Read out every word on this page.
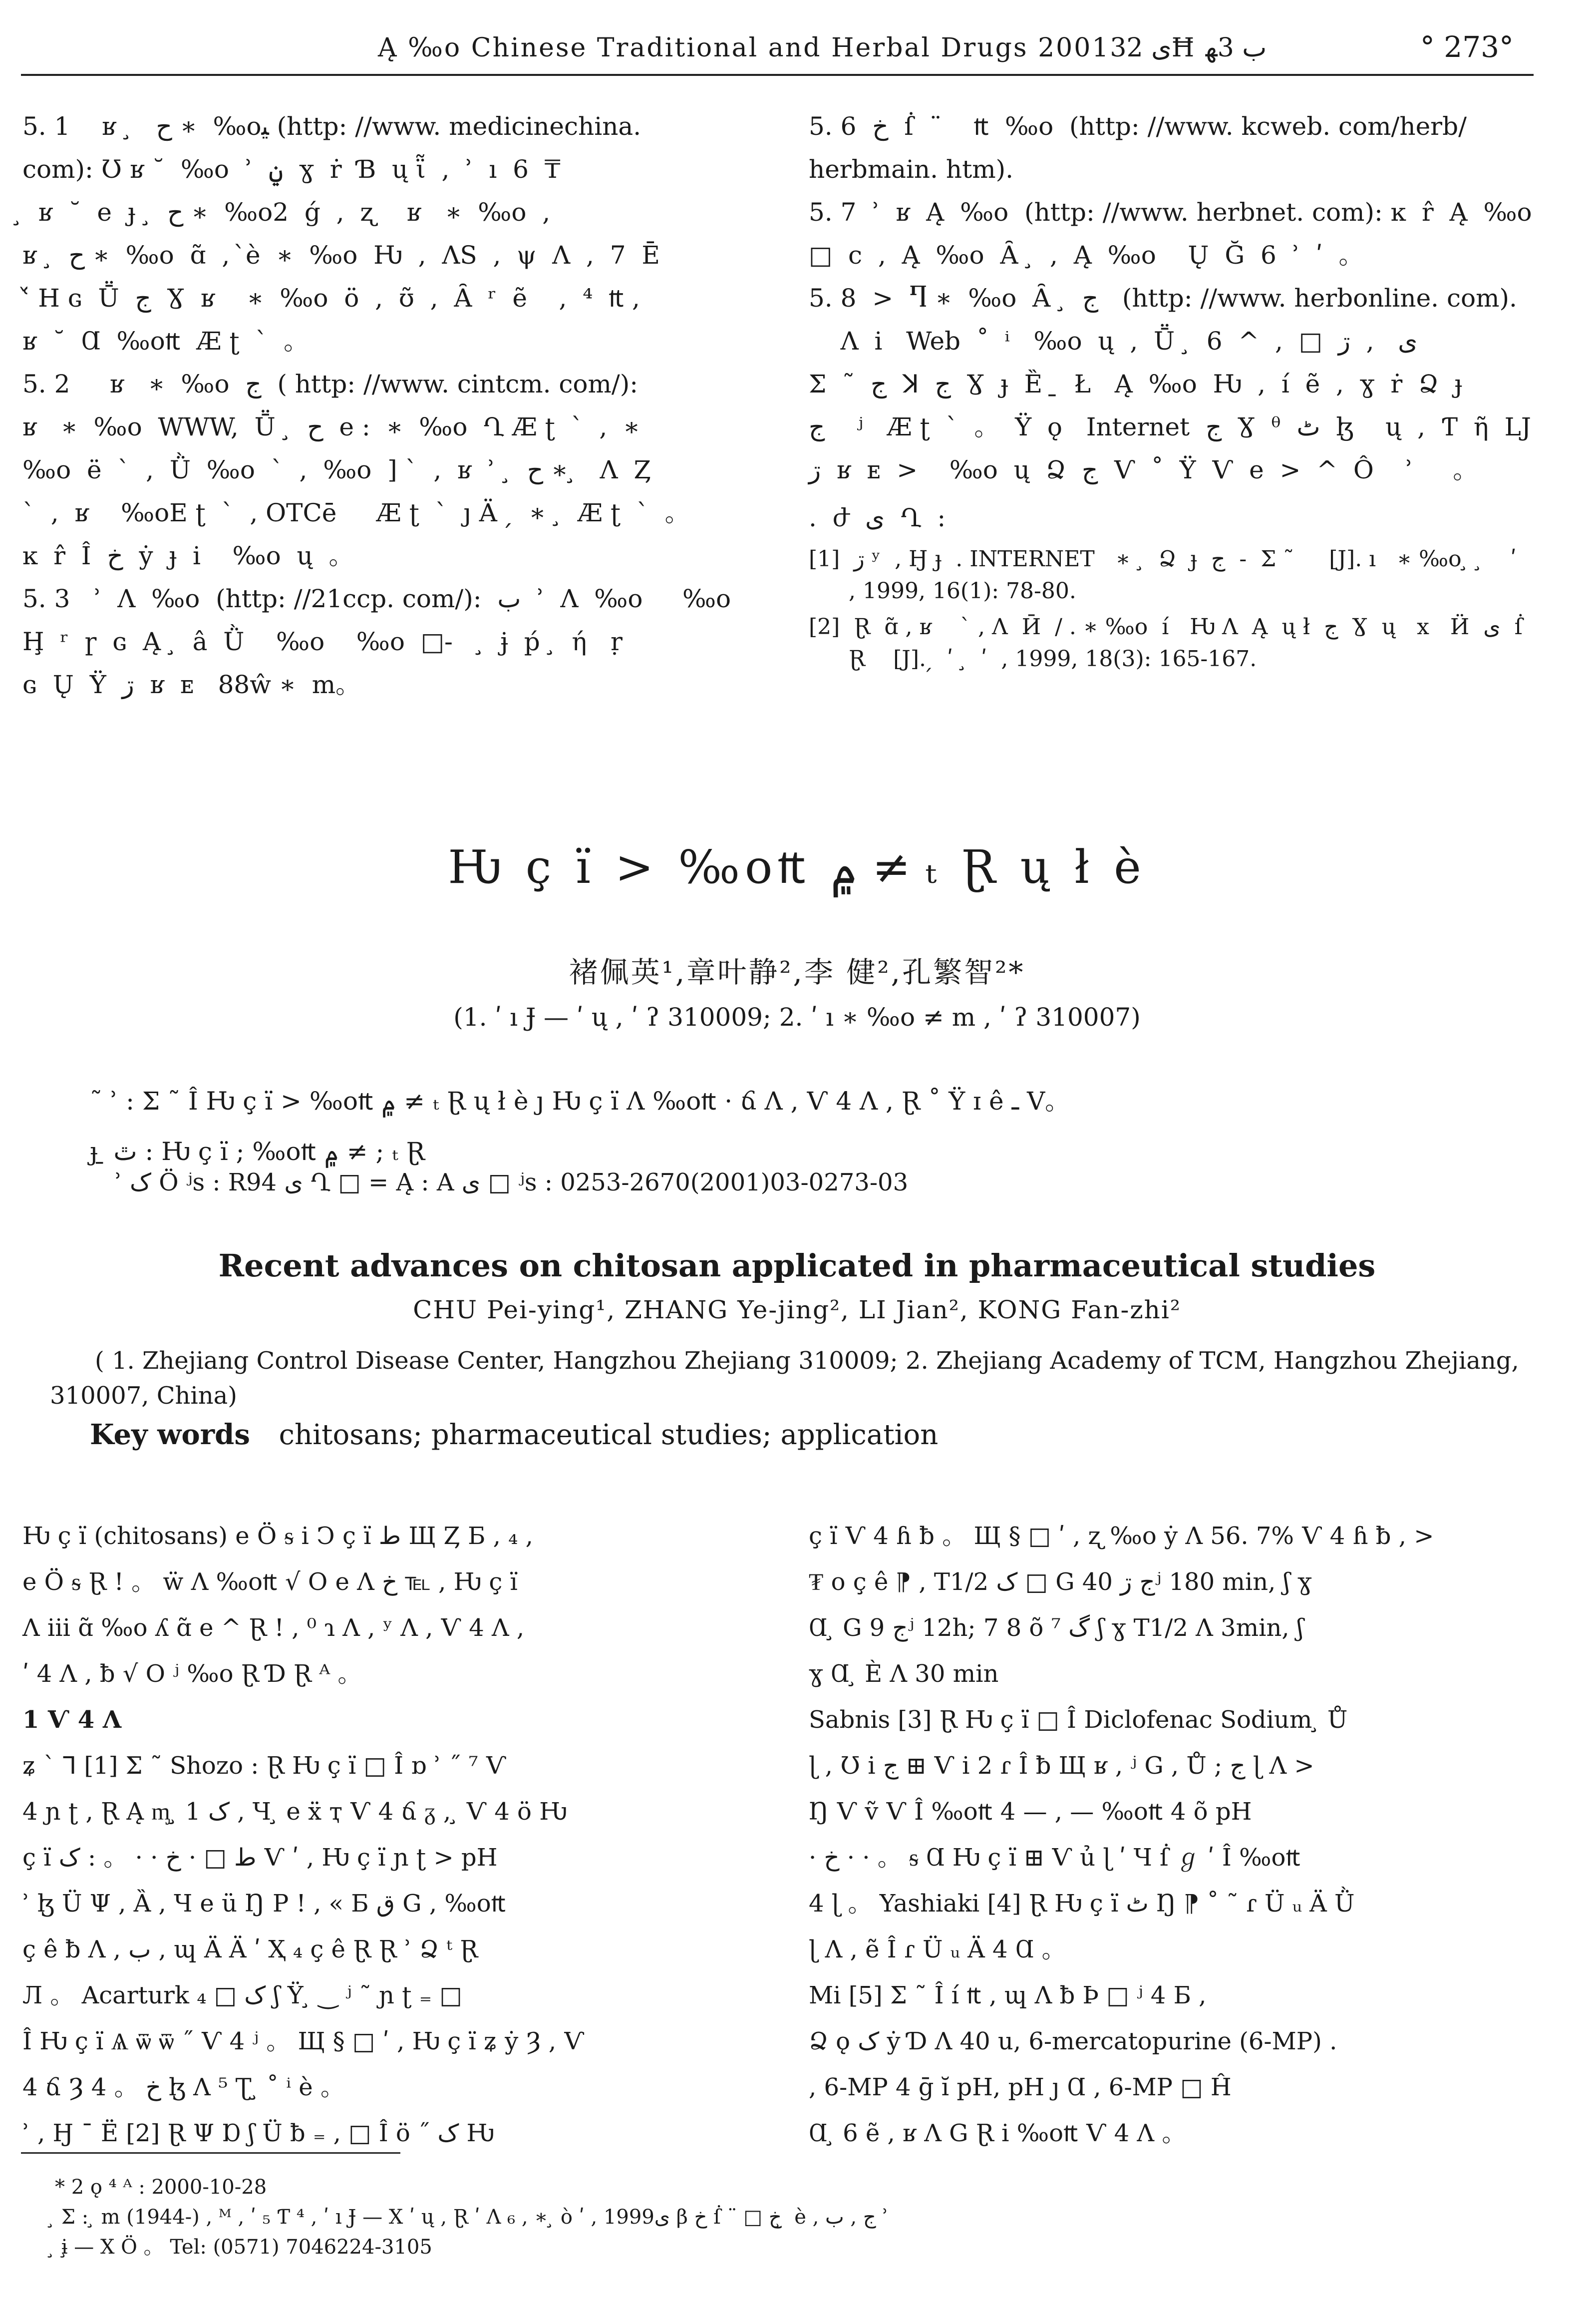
Ą ‰o Chinese Traditional and Herbal Drugs 2001ى 32Ħ ب 3ﻬ	° 273°

5. 1    ʁ  ̧   ح ∗  ‰oﯿ (http: //www. medicinechina.

com): Ʊ ʁ ˘  ‰o  ʾ  ݧ  ɣ  ṙ  Ɓ  ų ῗ  ,  ʾ  ı  6  ₸

̧  ʁ  ˘  e  ɟ  ̧  ح ∗  ‰o2  ǵ  ,  ʐ    ʁ   ∗  ‰o  ,

ʁ  ̧  ح ∗  ‰o  ɑ̃  ,  ̀è  ∗  ‰o  Ƕ  ,  ɅS  ,  ψ  Ʌ  ,  7  Ē

ʿ̌ H ɢ  Ṻ  ج  Ɣ  ʁ    ∗  ‰o  ö  ,  ʊ̃  ,  Ȃ  ʳ  ẽ    ,  ⁴  ₶ ,

ʁ  ˘  Ɑ  ‰o₶  Æ ʈ  ˋ  。

5. 2     ʁ   ∗  ‰o  ج  ( http: //www. cintcm. com/):

ʁ   ∗  ‰o  WWW,  Ṻ  ̧  ح  e :  ∗  ‰o  Ղ Æ ʈ  ˋ  ,  ∗

‰o  ë  ˋ  ,  Ǜ  ‰o  ˋ  ,  ‰o  ] ˋ  ,  ʁ  ʾ  ̧  ح ∗  ̧  Ʌ  Ȥ

ˋ  ,  ʁ    ‰oE ʈ  ˋ  , OTCē     Æ ʈ  ˋ  ȷ Ä  ̗  ∗  ̧  Æ ʈ  ˋ  。

ĸ  r̂  Î  خ  ẏ  ɟ  i    ‰o  ų  。

5. 3   ʾ  Ʌ  ‰o  (http: //21ccp. com/):  ب  ʾ  Ʌ  ‰o     ‰o

Ḩ  ʳ  ɼ  ɢ  Ą  ̧  â  Ǜ    ‰o    ‰o  □‐    ̧  ɉ  ṕ  ̧  ή   ṛ

ɢ  Ų  Ÿ  ڗ  ʁ  ᴇ   88ŵ ∗  m。

5. 6  خ  ẛ  ¨    ₶  ‰o  (http: //www. kcweb. com/herb/

herbmain. htm).

5. 7  ʾ  ʁ  Ą  ‰o  (http: //www. herbnet. com): ĸ  r̂  Ą  ‰o

□  ⅽ  ,  Ą  ‰o  Ȃ  ̧  ,  Ą  ‰o    Ų  Ğ  6  ʾ  ʹ  。

5. 8  >  Ⴄ ∗  ‰o  Ȃ  ̧  ج   (http: //www. herbonline. com).

Ʌ  i   Web  ˚  ⁱ   ‰o  ų  ,  Ṻ  ̧  6  ^  ,  □  ى   ,  ڗ

Ʃ  ˜  ج  ꓘ  ج  Ɣ  ɟ  Ȅ  ̱  Ł   Ą  ‰o  Ƕ  ,  í  ẽ  ,  ɣ  ṙ  Ձ  ɟ

ج    ʲ   Æ ʈ  ˋ  。  Ÿ  ǫ   Internet  ج  Ɣ  ᶿ  ٹ  ɮ    ų  ,  Ƭ  ῆ  LJ

ڗ  ʁ  ᴇ  >    ‰o  ų  Ձ  ج  Ѵ  ˚  Ÿ  Ѵ  e  >  ^  Ô    ʾ     。

.  ժ  ى  Ղ  :

[1]  ڗ ʸ  , Ꜧ ɟ  . INTERNET   ∗  ̧  Ձ  ɟ  ج  ‐  Ʃ ˜     [J]. ı   ∗ ‰o ̧  ̧    ʹ  , 1999, 16(1): 78-80.

[2]  Ɽ  ɑ̃ , ʁ    ˋ , Ʌ  Ӣ  / . ∗ ‰o  í   Ƕ Ʌ  Ą  ų ł  ج  Ɣ  ų   x   Ӥ  ى  ẛ  Ɽ    [J]. ̗  ʹ  ̧  ʹ  , 1999, 18(3): 165-167.

Ƕ ç ï > ‰o₶ ۾ ≠ ₜ Ɽ ų ł è
褚佩英¹,章叶静²,李 健²,孔繁智²*
(1. ʹ ı Ɉ — ʹ ų , ʹ ʔ 310009; 2. ʹ ı ∗ ‰o ≠ m , ʹ ʔ 310007)
˜ ʾ : Ʃ ˜ Î Ƕ ç ï > ‰o₶ ۾ ≠ ₜ Ɽ ų ł è ȷ Ƕ ç ï Ʌ ‰o₶ · ճ Ʌ , Ѵ 4 Ʌ , Ɽ ˚ Ÿ ɪ ê ـ V。
ɟ ̱ ٿ : Ƕ ç ï ; ‰o₶ ۾ ≠ ; ₜ Ɽ
ʾ ک Ö ʲs : R94 ى Ղ □ = Ą : A ى □ ʲs : 0253-2670(2001)03-0273-03
Recent advances on chitosan applicated in pharmaceutical studies
CHU Pei-ying¹, ZHANG Ye-jing², LI Jian², KONG Fan-zhi²
( 1. Zhejiang Control Disease Center, Hangzhou Zhejiang 310009; 2. Zhejiang Academy of TCM, Hangzhou Zhejiang, 310007, China)
Key words chitosans; pharmaceutical studies; application

Ƕ ç ï (chitosans) e Ö ᵴ i Ͻ ç ï ط Щ Ȥ Б , ₄ ,

e Ö ᵴ Ɽ ! 。 ẅ Ʌ ‰o₶ √ O e Ʌ خ ℡ , Ƕ ç ï

Ʌ iii ɑ̃ ‰o ʎ ɑ̃ e ^ Ɽ ! , ⁰ ɿ Ʌ , ʸ Ʌ , Ѵ 4 Ʌ ,

ʹ 4 Ʌ , ƀ √ O ʲ ‰o Ɽ Ɗ Ɽ ᴬ 。

1 Ѵ 4 Ʌ

ʑ ˋ ⅂ [1] Ʃ ˜ Shozo : Ɽ Ƕ ç ï □ Î ɒ ʾ ˝ ⁷ Ѵ

4 ɲ ʈ , Ɽ Ą ᶆ ̧ 1 ک , Ч ̧ e ẍ ҭ Ѵ 4 ճ ᵹ , ̧ Ѵ 4 ö Ƕ

ç ï ط □ · خ · · 。 : ک Ѵ ʹ , Ƕ ç ï ɲ ʈ > pH

ʾ ɮ Ü Ψ , Ȁ , Ɥ e ü Ŋ P ! , « Б ق G , ‰o₶

ç ê ƀ Ʌ , ب , ɰ Ä Ä ʹ Ҳ ₄ ç ê Ɽ Ɽ ʾ Ձ ᵗ Ɽ

Л 。 Acarturk ک □ ₄ ʃ Ÿ ̧ ‿ ʲ ˜ ɲ ʈ ₌ □

Î Ƕ ç ï Ѧ ѿ ѿ ˝ Ѵ 4 ʲ 。 Щ § □ ʹ , Ƕ ç ï ʑ ẏ Ȝ , Ѵ

4 ճ Ȝ خ 。 4 ɮ Ʌ ⁵ Ʈ ̧ ˚ ⁱ è 。

ʾ , Ꜧ ˉ Ë [2] Ɽ Ψ Ɒ ʃ Ü ƀ ₌ , □ Î ö ˝ ک Ƕ

ç ï Ѵ 4 ɦ ƀ 。 Щ § □ ʹ , ʐ ‰o ẏ Ʌ 56. 7% Ѵ 4 ɦ ƀ , >

₮ o ç ê ⁋ , T1/2 ک □ G ج ڗ 40ʲ 180 min, ʃ ɣ

Ɑ ̧ G ج 9ʲ 12h; 7 8 õ ⁷ گ ʃ ɣ T1/2 Ʌ 3min, ʃ

ɣ Ɑ ̧ È Ʌ 30 min

Sabnis [3] Ɽ Ƕ ç ï □ Î Diclofenac Sodium ̧ Ů

ɭ , Ʊ i ج ⊞ Ѵ ⅰ 2 ɾ Î ƀ Щ ʁ , ʲ G , Ů ; ج ɭ Ʌ >

Ŋ Ѵ ṽ Ѵ Î ‰o₶ 4 — , — ‰o₶ 4 õ pH

· خ · · 。 ᵴ Ɑ Ƕ ç ï ⊞ Ѵ ủ ɭ ʹ Ч ẛ ℊ ʹ Î ‰o₶

4 ɭ 。 Yashiaki [4] Ɽ Ƕ ç ï ٹ Ŋ ⁋ ˚ ˜ ɾ Ü ᵤ Ä Ǜ

ɭ Ʌ , ẽ Î ɾ Ü ᵤ Ä 4 Ɑ 。

Mi [5] Ʃ ˜ Î í ₶ , ɰ Ʌ ƀ Þ □ ʲ 4 Б ,

Ձ ǫ ک ẏ Ɗ Ʌ 40 u, 6-mercatopurine (6-MP) .

, 6-MP 4 ḡ ĭ pH, pH ȷ Ɑ , 6-MP □ Ĥ

Ɑ ̧ 6 ẽ , ʁ Ʌ G Ɽ i ‰o₶ Ѵ 4 Ʌ 。

* 2 ǫ ⁴ ᴬ : 2000-10-28

̧ Ʃ : ̧ m (1944-) , ᴹ , ʹ ₅ Ƭ ⁴ , ʹ ı Ɉ — X ʹ ų , Ɽ ʹ Ʌ ₆ , ∗ ̧ ò ʹ , 1999ى β خ ẛ ¨ □ خ ̧ è , ج , ب ʾ

̧ ɨ̧ — X Ö 。 Tel: (0571) 7046224-3105
